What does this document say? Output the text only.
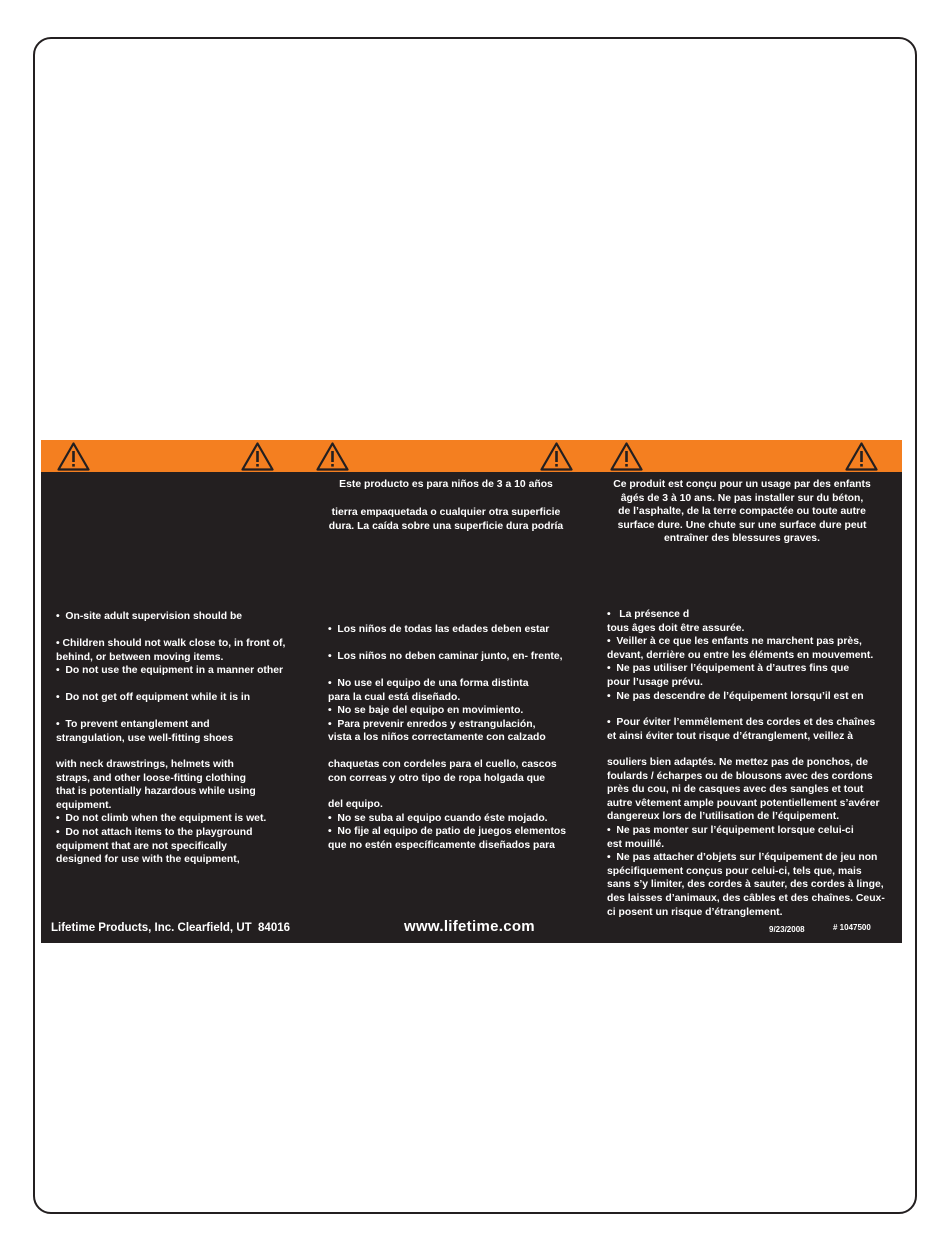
•  On-site adult supervision should be
• Children should not walk close to, in front of,
behind, or between moving items.
•  Do not use the equipment in a manner other
•  Do not get off equipment while it is in
•  To prevent entanglement and
strangulation, use well-fitting shoes
with neck drawstrings, helmets with
straps, and other loose-fitting clothing
that is potentially hazardous while using
equipment.
•  Do not climb when the equipment is wet.
•  Do not attach items to the playground
equipment that are not specifically
designed for use with the equipment,
Este producto es para niños de 3 a 10 años
tierra empaquetada o cualquier otra superficie
dura. La caída sobre una superficie dura podría
•  Los niños de todas las edades deben estar
•  Los niños no deben caminar junto, en- frente,
•  No use el equipo de una forma distinta
para la cual está diseñado.
•  No se baje del equipo en movimiento.
•  Para prevenir enredos y estrangulación,
vista a los niños correctamente con calzado
chaquetas con cordeles para el cuello, cascos
con correas y otro tipo de ropa holgada que
del equipo.
•  No se suba al equipo cuando éste mojado.
•  No fije al equipo de patio de juegos elementos
que no estén específicamente diseñados para
Ce produit est conçu pour un usage par des enfants
âgés de 3 à 10 ans. Ne pas installer sur du béton,
de l’asphalte, de la terre compactée ou toute autre
surface dure. Une chute sur une surface dure peut
entraîner des blessures graves.
•   La présence d
tous âges doit être assurée.
•  Veiller à ce que les enfants ne marchent pas près,
devant, derrière ou entre les éléments en mouvement.
•  Ne pas utiliser l’équipement à d’autres fins que
pour l’usage prévu.
•  Ne pas descendre de l’équipement lorsqu’il est en
•  Pour éviter l’emmêlement des cordes et des chaînes
et ainsi éviter tout risque d’étranglement, veillez à
souliers bien adaptés. Ne mettez pas de ponchos, de
foulards / écharpes ou de blousons avec des cordons
près du cou, ni de casques avec des sangles et tout
autre vêtement ample pouvant potentiellement s’avérer
dangereux lors de l’utilisation de l’équipement.
•  Ne pas monter sur l’équipement lorsque celui-ci
est mouillé.
•  Ne pas attacher d’objets sur l’équipement de jeu non
spécifiquement conçus pour celui-ci, tels que, mais
sans s’y limiter, des cordes à sauter, des cordes à linge,
des laisses d’animaux, des câbles et des chaînes. Ceux-
ci posent un risque d’étranglement.
Lifetime Products, Inc. Clearfield, UT  84016	www.lifetime.com	9/23/2008	# 1047500
